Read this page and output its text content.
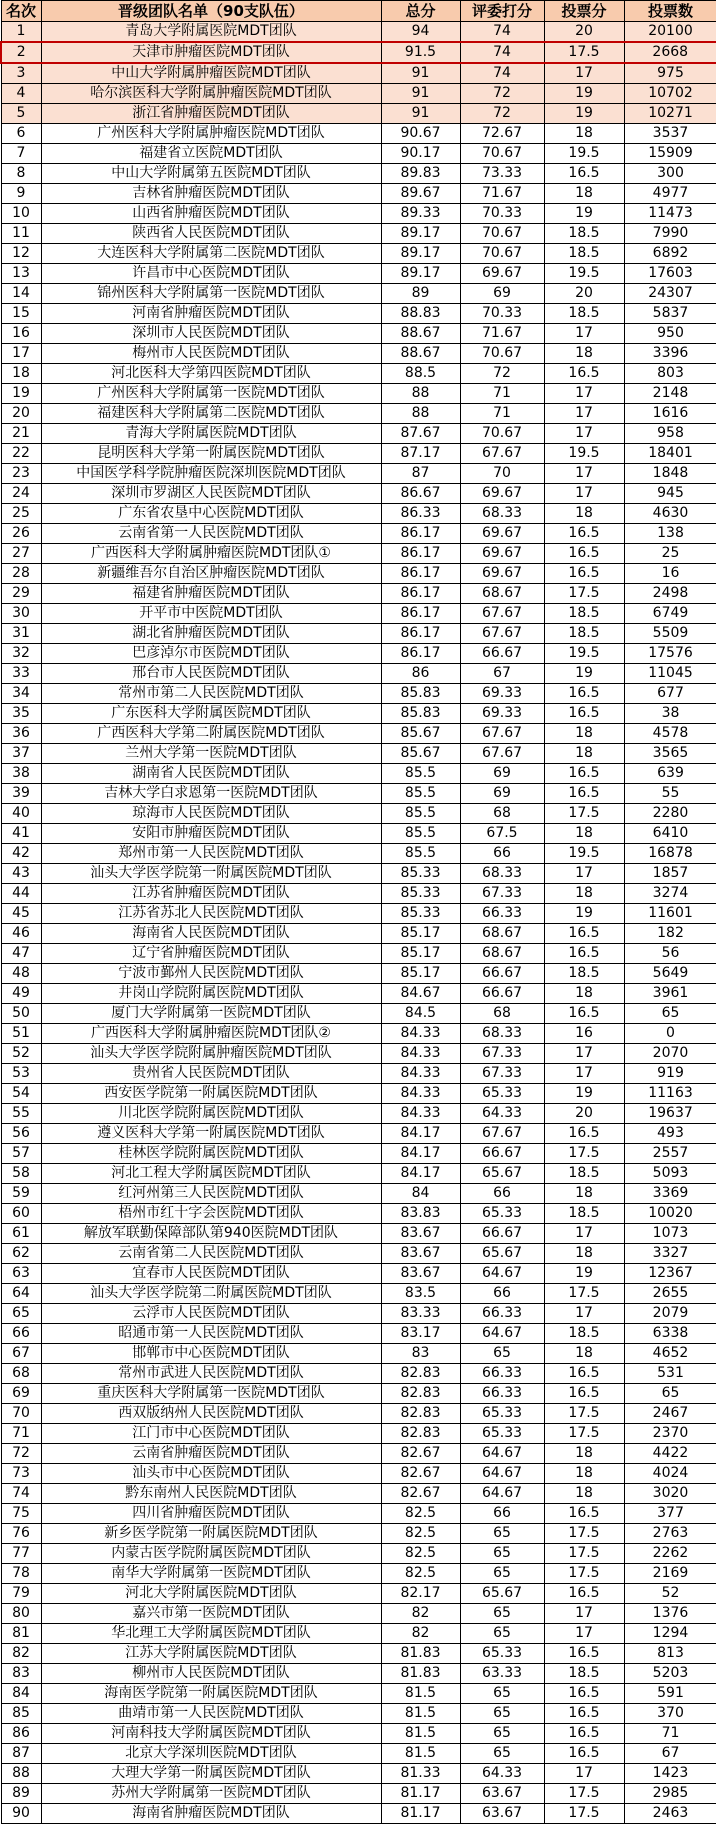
名次	晋级团队名单（90支队伍）	总分	评委打分	投票分	投票数
1	青岛大学附属医院MDT团队	94	74	20	20100
2	天津市肿瘤医院MDT团队	91.5	74	17.5	2668
3	中山大学附属肿瘤医院MDT团队	91	74	17	975
4	哈尔滨医科大学附属肿瘤医院MDT团队	91	72	19	10702
5	浙江省肿瘤医院MDT团队	91	72	19	10271
6	广州医科大学附属肿瘤医院MDT团队	90.67	72.67	18	3537
7	福建省立医院MDT团队	90.17	70.67	19.5	15909
8	中山大学附属第五医院MDT团队	89.83	73.33	16.5	300
9	吉林省肿瘤医院MDT团队	89.67	71.67	18	4977
10	山西省肿瘤医院MDT团队	89.33	70.33	19	11473
11	陕西省人民医院MDT团队	89.17	70.67	18.5	7990
12	大连医科大学附属第二医院MDT团队	89.17	70.67	18.5	6892
13	许昌市中心医院MDT团队	89.17	69.67	19.5	17603
14	锦州医科大学附属第一医院MDT团队	89	69	20	24307
15	河南省肿瘤医院MDT团队	88.83	70.33	18.5	5837
16	深圳市人民医院MDT团队	88.67	71.67	17	950
17	梅州市人民医院MDT团队	88.67	70.67	18	3396
18	河北医科大学第四医院MDT团队	88.5	72	16.5	803
19	广州医科大学附属第一医院MDT团队	88	71	17	2148
20	福建医科大学附属第二医院MDT团队	88	71	17	1616
21	青海大学附属医院MDT团队	87.67	70.67	17	958
22	昆明医科大学第一附属医院MDT团队	87.17	67.67	19.5	18401
23	中国医学科学院肿瘤医院深圳医院MDT团队	87	70	17	1848
24	深圳市罗湖区人民医院MDT团队	86.67	69.67	17	945
25	广东省农垦中心医院MDT团队	86.33	68.33	18	4630
26	云南省第一人民医院MDT团队	86.17	69.67	16.5	138
27	广西医科大学附属肿瘤医院MDT团队①	86.17	69.67	16.5	25
28	新疆维吾尔自治区肿瘤医院MDT团队	86.17	69.67	16.5	16
29	福建省肿瘤医院MDT团队	86.17	68.67	17.5	2498
30	开平市中医院MDT团队	86.17	67.67	18.5	6749
31	湖北省肿瘤医院MDT团队	86.17	67.67	18.5	5509
32	巴彦淖尔市医院MDT团队	86.17	66.67	19.5	17576
33	邢台市人民医院MDT团队	86	67	19	11045
34	常州市第二人民医院MDT团队	85.83	69.33	16.5	677
35	广东医科大学附属医院MDT团队	85.83	69.33	16.5	38
36	广西医科大学第二附属医院MDT团队	85.67	67.67	18	4578
37	兰州大学第一医院MDT团队	85.67	67.67	18	3565
38	湖南省人民医院MDT团队	85.5	69	16.5	639
39	吉林大学白求恩第一医院MDT团队	85.5	69	16.5	55
40	琼海市人民医院MDT团队	85.5	68	17.5	2280
41	安阳市肿瘤医院MDT团队	85.5	67.5	18	6410
42	郑州市第一人民医院MDT团队	85.5	66	19.5	16878
43	汕头大学医学院第一附属医院MDT团队	85.33	68.33	17	1857
44	江苏省肿瘤医院MDT团队	85.33	67.33	18	3274
45	江苏省苏北人民医院MDT团队	85.33	66.33	19	11601
46	海南省人民医院MDT团队	85.17	68.67	16.5	182
47	辽宁省肿瘤医院MDT团队	85.17	68.67	16.5	56
48	宁波市鄞州人民医院MDT团队	85.17	66.67	18.5	5649
49	井岗山学院附属医院MDT团队	84.67	66.67	18	3961
50	厦门大学附属第一医院MDT团队	84.5	68	16.5	65
51	广西医科大学附属肿瘤医院MDT团队②	84.33	68.33	16	0
52	汕头大学医学院附属肿瘤医院MDT团队	84.33	67.33	17	2070
53	贵州省人民医院MDT团队	84.33	67.33	17	919
54	西安医学院第一附属医院MDT团队	84.33	65.33	19	11163
55	川北医学院附属医院MDT团队	84.33	64.33	20	19637
56	遵义医科大学第一附属医院MDT团队	84.17	67.67	16.5	493
57	桂林医学院附属医院MDT团队	84.17	66.67	17.5	2557
58	河北工程大学附属医院MDT团队	84.17	65.67	18.5	5093
59	红河州第三人民医院MDT团队	84	66	18	3369
60	梧州市红十字会医院MDT团队	83.83	65.33	18.5	10020
61	解放军联勤保障部队第940医院MDT团队	83.67	66.67	17	1073
62	云南省第二人民医院MDT团队	83.67	65.67	18	3327
63	宜春市人民医院MDT团队	83.67	64.67	19	12367
64	汕头大学医学院第二附属医院MDT团队	83.5	66	17.5	2655
65	云浮市人民医院MDT团队	83.33	66.33	17	2079
66	昭通市第一人民医院MDT团队	83.17	64.67	18.5	6338
67	邯郸市中心医院MDT团队	83	65	18	4652
68	常州市武进人民医院MDT团队	82.83	66.33	16.5	531
69	重庆医科大学附属第一医院MDT团队	82.83	66.33	16.5	65
70	西双版纳州人民医院MDT团队	82.83	65.33	17.5	2467
71	江门市中心医院MDT团队	82.83	65.33	17.5	2370
72	云南省肿瘤医院MDT团队	82.67	64.67	18	4422
73	汕头市中心医院MDT团队	82.67	64.67	18	4024
74	黔东南州人民医院MDT团队	82.67	64.67	18	3020
75	四川省肿瘤医院MDT团队	82.5	66	16.5	377
76	新乡医学院第一附属医院MDT团队	82.5	65	17.5	2763
77	内蒙古医学院附属医院MDT团队	82.5	65	17.5	2262
78	南华大学附属第一医院MDT团队	82.5	65	17.5	2169
79	河北大学附属医院MDT团队	82.17	65.67	16.5	52
80	嘉兴市第一医院MDT团队	82	65	17	1376
81	华北理工大学附属医院MDT团队	82	65	17	1294
82	江苏大学附属医院MDT团队	81.83	65.33	16.5	813
83	柳州市人民医院MDT团队	81.83	63.33	18.5	5203
84	海南医学院第一附属医院MDT团队	81.5	65	16.5	591
85	曲靖市第一人民医院MDT团队	81.5	65	16.5	370
86	河南科技大学附属医院MDT团队	81.5	65	16.5	71
87	北京大学深圳医院MDT团队	81.5	65	16.5	67
88	大理大学第一附属医院MDT团队	81.33	64.33	17	1423
89	苏州大学附属第一医院MDT团队	81.17	63.67	17.5	2985
90	海南省肿瘤医院MDT团队	81.17	63.67	17.5	2463
